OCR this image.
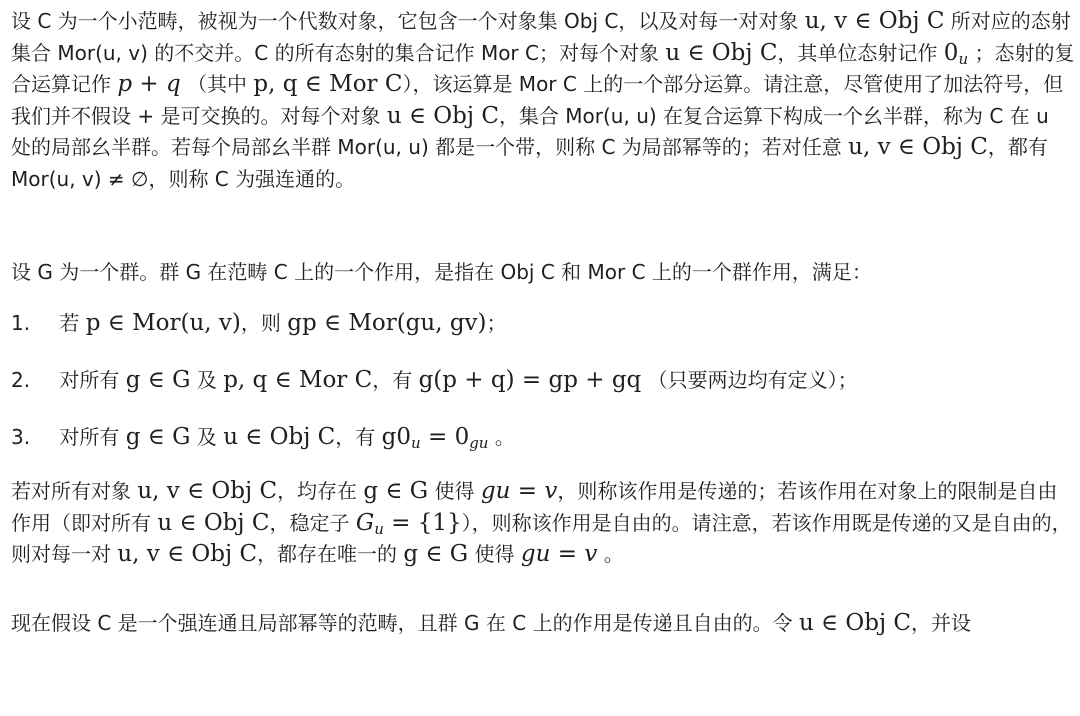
设 C 为一个小范畴，被视为一个代数对象，它包含一个对象集 Obj C，以及对每一对对象 u, v ∈ Obj C 所对应的态射集合 Mor(u, v) 的不交并。C 的所有态射的集合记作 Mor C；对每个对象 u ∈ Obj C，其单位态射记作 $0_u$ ；态射的复合运算记作 p + q （其中 p, q ∈ Mor C），该运算是 Mor C 上的一个部分运算。请注意，尽管使用了加法符号，但我们并不假设 + 是可交换的。对每个对象 u ∈ Obj C，集合 Mor(u, u) 在复合运算下构成一个幺半群，称为 C 在 u 处的局部幺半群。若每个局部幺半群 Mor(u, u) 都是一个带，则称 C 为局部幂等的；若对任意 u, v ∈ Obj C，都有 Mor(u, v) ≠ ∅，则称 C 为强连通的。

设 G 为一个群。群 G 在范畴 C 上的一个作用，是指在 Obj C 和 Mor C 上的一个群作用，满足：

1. 若 p ∈ Mor(u, v)，则 gp ∈ Mor(gu, gv)；
2. 对所有 g ∈ G 及 p, q ∈ Mor C，有 g(p + q) = gp + gq （只要两边均有定义）；
3. 对所有 g ∈ G 及 u ∈ Obj C，有 $g0_u = 0_{gu}$ 。

若对所有对象 u, v ∈ Obj C，均存在 g ∈ G 使得 gu = v，则称该作用是传递的；若该作用在对象上的限制是自由作用（即对所有 u ∈ Obj C，稳定子 $G_u = \{1\}$），则称该作用是自由的。请注意，若该作用既是传递的又是自由的，则对每一对 u, v ∈ Obj C，都存在唯一的 g ∈ G 使得 gu = v 。

现在假设 C 是一个强连通且局部幂等的范畴，且群 G 在 C 上的作用是传递且自由的。令 u ∈ Obj C，并设
